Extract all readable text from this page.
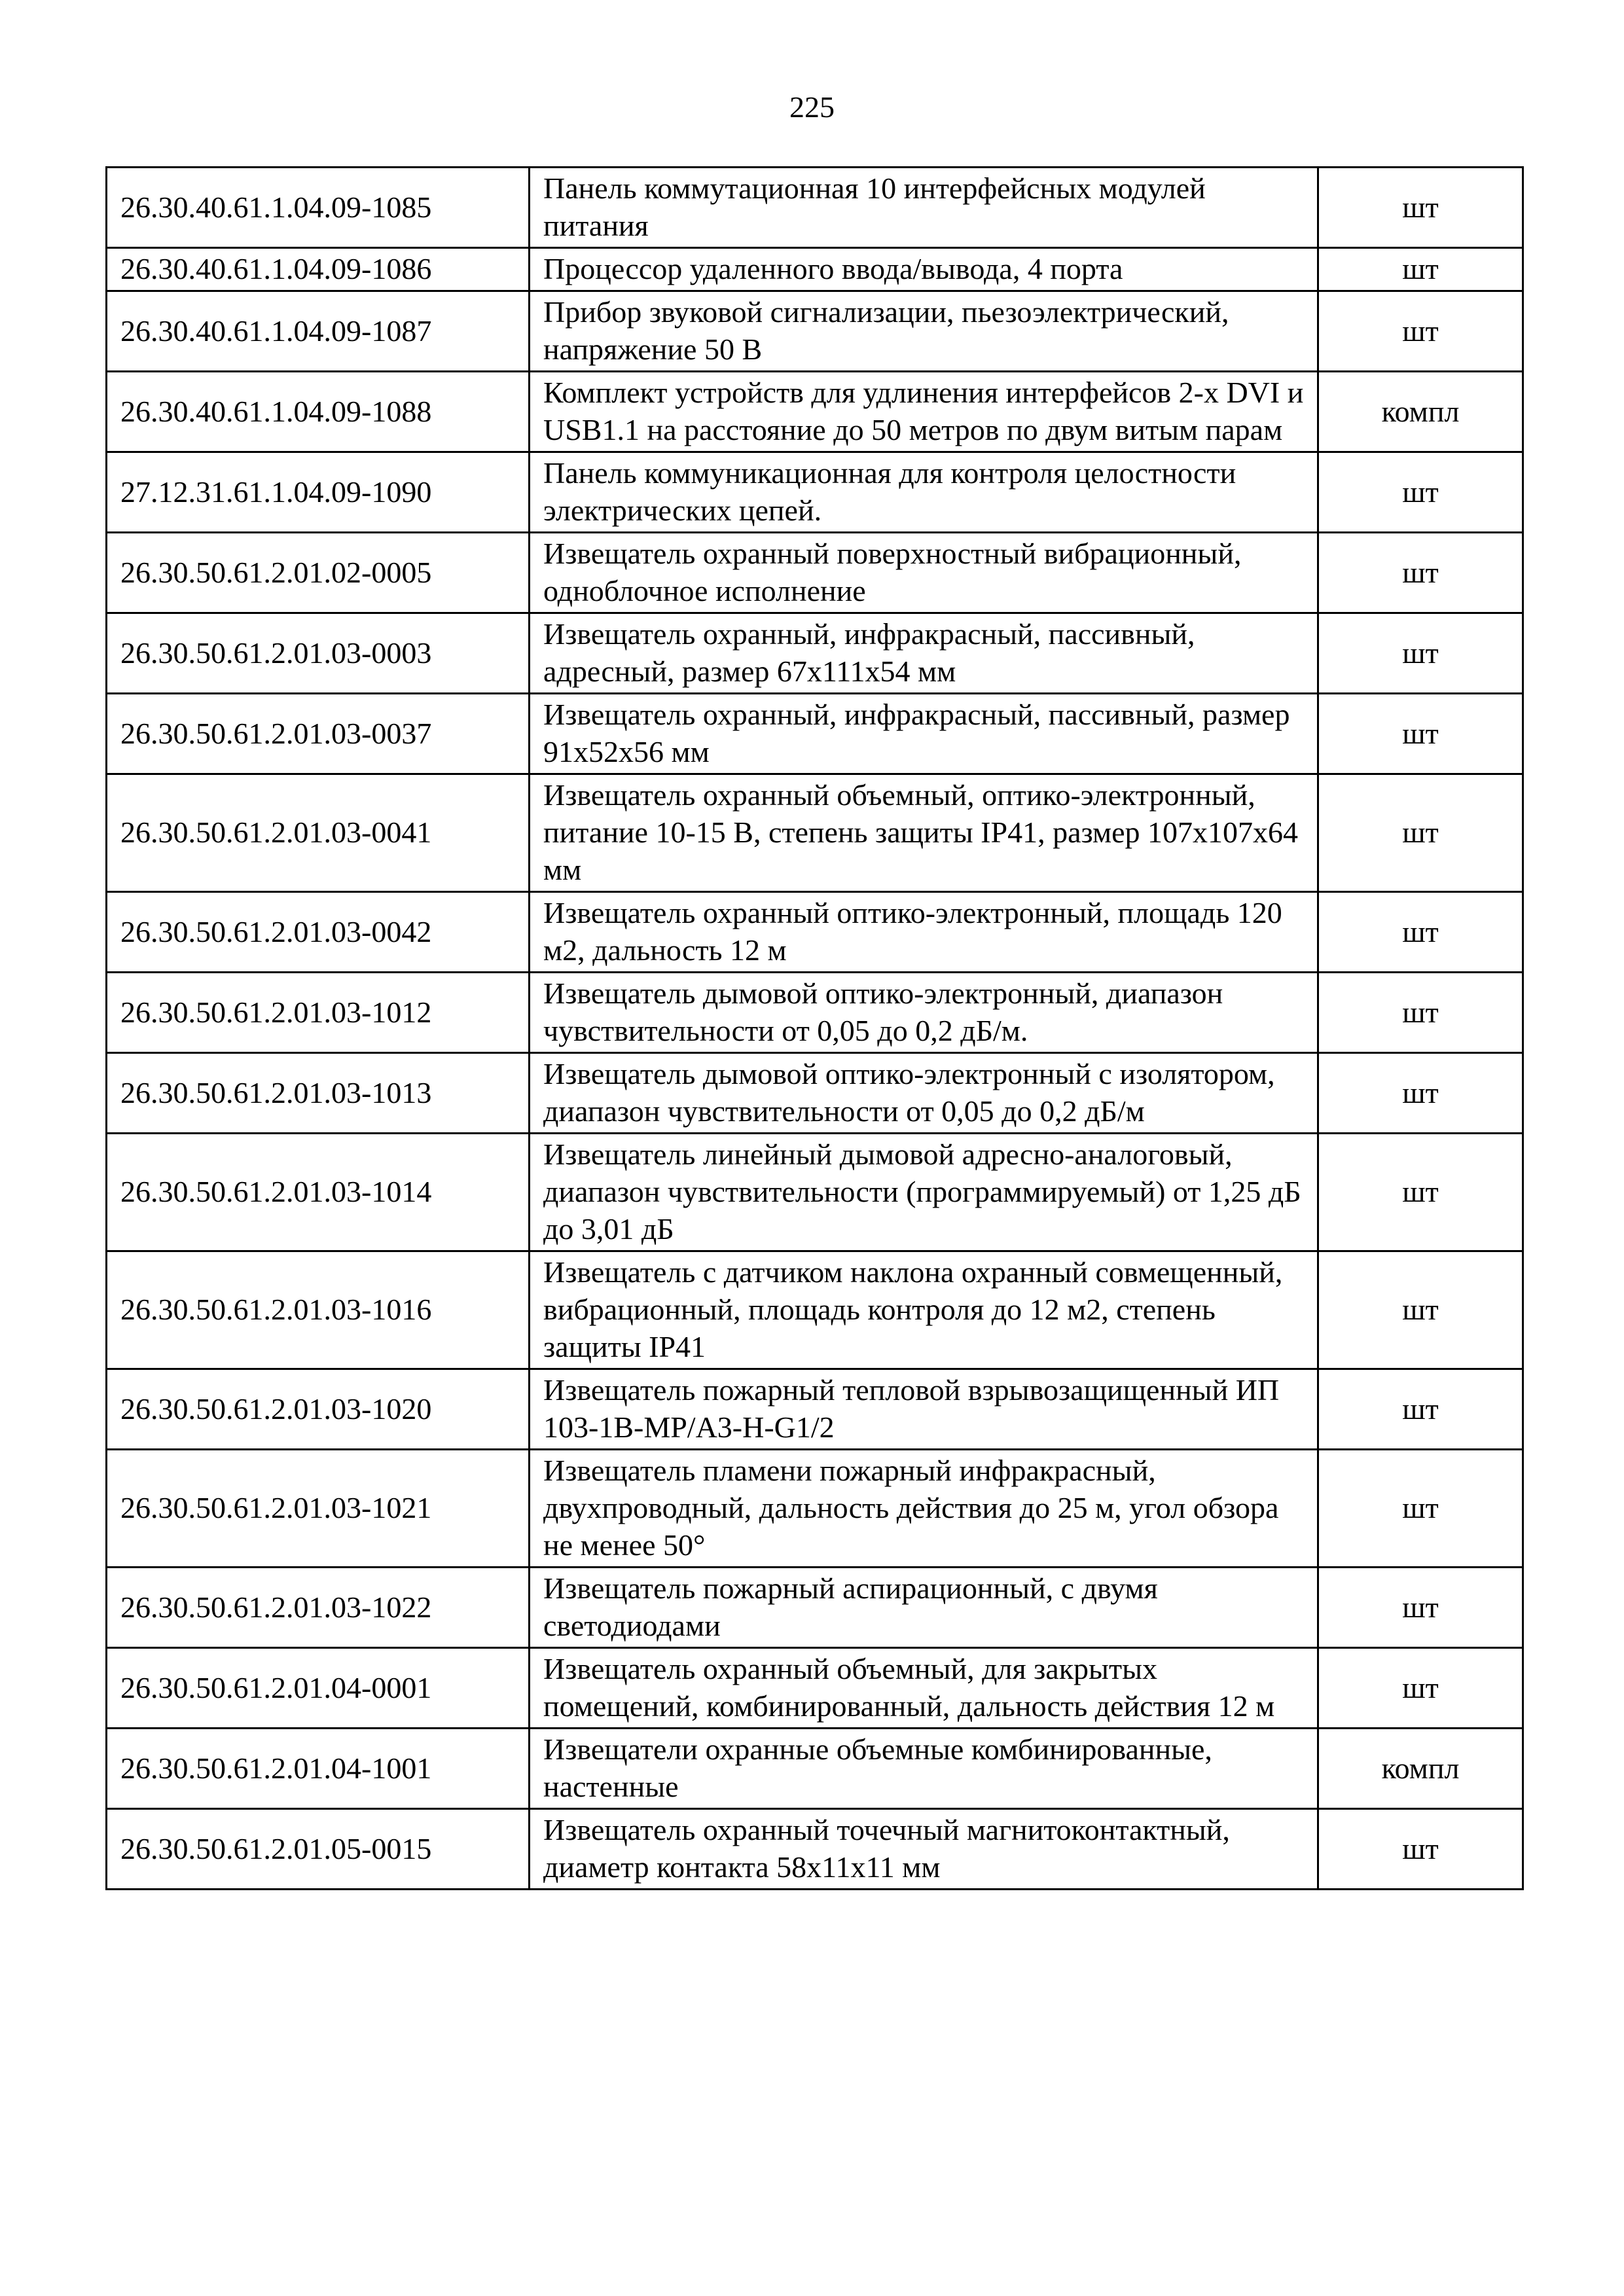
225
26.30.40.61.1.04.09-1085	Панель коммутационная 10 интерфейсных модулей питания	шт
26.30.40.61.1.04.09-1086	Процессор удаленного ввода/вывода, 4 порта	шт
26.30.40.61.1.04.09-1087	Прибор звуковой сигнализации, пьезоэлектрический, напряжение 50 В	шт
26.30.40.61.1.04.09-1088	Комплект устройств для удлинения интерфейсов 2-х DVI и USB1.1 на расстояние до 50 метров по двум витым парам	компл
27.12.31.61.1.04.09-1090	Панель коммуникационная для контроля целостности электрических цепей.	шт
26.30.50.61.2.01.02-0005	Извещатель охранный поверхностный вибрационный, одноблочное исполнение	шт
26.30.50.61.2.01.03-0003	Извещатель охранный, инфракрасный, пассивный, адресный, размер 67x111x54 мм	шт
26.30.50.61.2.01.03-0037	Извещатель охранный, инфракрасный, пассивный, размер 91x52x56 мм	шт
26.30.50.61.2.01.03-0041	Извещатель охранный объемный, оптико-электронный, питание 10-15 В, степень защиты IP41, размер 107x107x64 мм	шт
26.30.50.61.2.01.03-0042	Извещатель охранный оптико-электронный, площадь 120 м2, дальность 12 м	шт
26.30.50.61.2.01.03-1012	Извещатель дымовой оптико-электронный, диапазон чувствительности от 0,05 до 0,2 дБ/м.	шт
26.30.50.61.2.01.03-1013	Извещатель дымовой оптико-электронный с изолятором, диапазон чувствительности от 0,05 до 0,2 дБ/м	шт
26.30.50.61.2.01.03-1014	Извещатель линейный дымовой адресно-аналоговый, диапазон чувствительности (программируемый) от 1,25 дБ до 3,01 дБ	шт
26.30.50.61.2.01.03-1016	Извещатель с датчиком наклона охранный совмещенный, вибрационный, площадь контроля до 12 м2, степень защиты IP41	шт
26.30.50.61.2.01.03-1020	Извещатель пожарный тепловой взрывозащищенный ИП 103-1В-МР/А3-Н-G1/2	шт
26.30.50.61.2.01.03-1021	Извещатель пламени пожарный инфракрасный, двухпроводный, дальность действия до 25 м, угол обзора не менее 50°	шт
26.30.50.61.2.01.03-1022	Извещатель пожарный аспирационный, с двумя светодиодами	шт
26.30.50.61.2.01.04-0001	Извещатель охранный объемный, для закрытых помещений, комбинированный, дальность действия 12 м	шт
26.30.50.61.2.01.04-1001	Извещатели охранные объемные комбинированные, настенные	компл
26.30.50.61.2.01.05-0015	Извещатель охранный точечный магнитоконтактный, диаметр контакта 58x11x11 мм	шт
